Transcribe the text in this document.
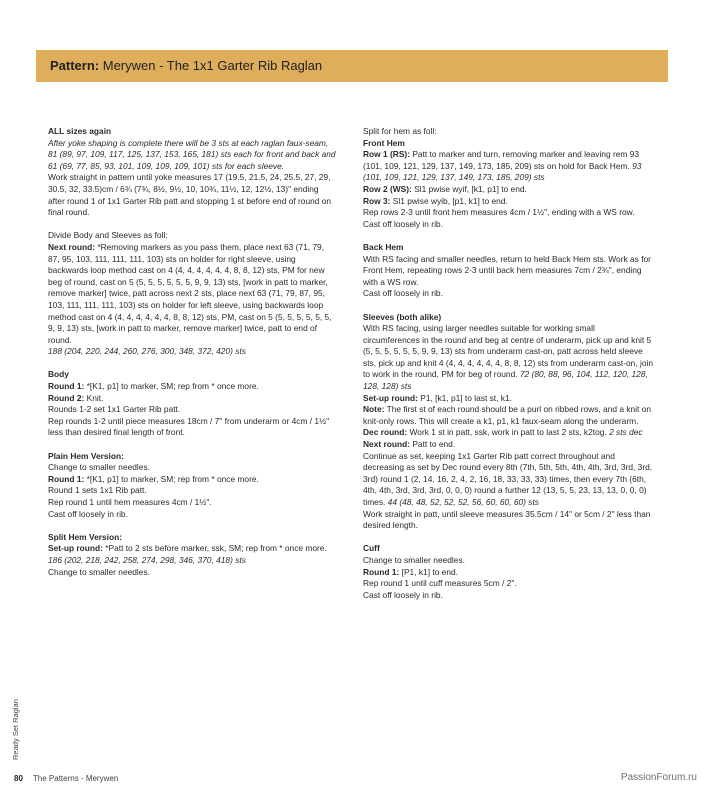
Pattern: Merywen - The 1x1 Garter Rib Raglan

ALL sizes again

After yoke shaping is complete there will be 3 sts at each raglan faux-seam, 81 (89, 97, 109, 117, 125, 137, 153, 165, 181) sts each for front and back and 61 (69, 77, 85, 93, 101, 109, 109, 109, 101) sts for each sleeve.

Work straight in pattern until yoke measures 17 (19.5, 21.5, 24, 25.5, 27, 29, 30.5, 32, 33.5)cm / 6¾ (7¾, 8½, 9½, 10, 10¾, 11½, 12, 12½, 13)" ending after round 1 of 1x1 Garter Rib patt and stopping 1 st before end of round on final round.

Divide Body and Sleeves as foll:

Next round: *Removing markers as you pass them, place next 63 (71, 79, 87, 95, 103, 111, 111, 111, 103) sts on holder for right sleeve, using backwards loop method cast on 4 (4, 4, 4, 4, 4, 4, 8, 8, 12) sts, PM for new beg of round, cast on 5 (5, 5, 5, 5, 5, 5, 9, 9, 13) sts, [work in patt to marker, remove marker] twice, patt across next 2 sts, place next 63 (71, 79, 87, 95, 103, 111, 111, 111, 103) sts on holder for left sleeve, using backwards loop method cast on 4 (4, 4, 4, 4, 4, 4, 8, 8, 12) sts, PM, cast on 5 (5, 5, 5, 5, 5, 5, 9, 9, 13) sts, [work in patt to marker, remove marker] twice, patt to end of round.

188 (204, 220, 244, 260, 276, 300, 348, 372, 420) sts

Body

Round 1: *[K1, p1] to marker, SM; rep from * once more.

Round 2: Knit.

Rounds 1-2 set 1x1 Garter Rib patt.

Rep rounds 1-2 until piece measures 18cm / 7" from underarm or 4cm / 1½" less than desired final length of front.

Plain Hem Version:

Change to smaller needles.

Round 1: *[K1, p1] to marker, SM; rep from * once more.

Round 1 sets 1x1 Rib patt.

Rep round 1 until hem measures 4cm / 1½".

Cast off loosely in rib.

Split Hem Version:

Set-up round: *Patt to 2 sts before marker, ssk, SM; rep from * once more. 186 (202, 218, 242, 258, 274, 298, 346, 370, 418) sts

Change to smaller needles.

Split for hem as foll:

Front Hem

Row 1 (RS): Patt to marker and turn, removing marker and leaving rem 93 (101, 109, 121, 129, 137, 149, 173, 185, 209) sts on hold for Back Hem. 93 (101, 109, 121, 129, 137, 149, 173, 185, 209) sts

Row 2 (WS): Sl1 pwise wyif, [k1, p1] to end.

Row 3: Sl1 pwise wyib, [p1, k1] to end.

Rep rows 2-3 until front hem measures 4cm / 1½", ending with a WS row.

Cast off loosely in rib.

Back Hem

With RS facing and smaller needles, return to held Back Hem sts. Work as for Front Hem, repeating rows 2-3 until back hem measures 7cm / 2¾", ending with a WS row.

Cast off loosely in rib.

Sleeves (both alike)

With RS facing, using larger needles suitable for working small circumferences in the round and beg at centre of underarm, pick up and knit 5 (5, 5, 5, 5, 5, 5, 9, 9, 13) sts from underarm cast-on, patt across held sleeve sts, pick up and knit 4 (4, 4, 4, 4, 4, 4, 8, 8, 12) sts from underarm cast-on, join to work in the round, PM for beg of round. 72 (80, 88, 96, 104, 112, 120, 128, 128, 128) sts

Set-up round: P1, [k1, p1] to last st, k1.

Note: The first st of each round should be a purl on ribbed rows, and a knit on knit-only rows. This will create a k1, p1, k1 faux-seam along the underarm.

Dec round: Work 1 st in patt, ssk, work in patt to last 2 sts, k2tog. 2 sts dec

Next round: Patt to end.

Continue as set, keeping 1x1 Garter Rib patt correct throughout and decreasing as set by Dec round every 8th (7th, 5th, 5th, 4th, 4th, 3rd, 3rd, 3rd, 3rd) round 1 (2, 14, 16, 2, 4, 2, 16, 18, 33, 33, 33) times, then every 7th (6th, 4th, 4th, 3rd, 3rd, 3rd, 0, 0, 0) round a further 12 (13, 5, 5, 23, 13, 13, 0, 0, 0) times. 44 (48, 48, 52, 52, 52, 56, 60, 60, 60) sts

Work straight in patt, until sleeve measures 35.5cm / 14" or 5cm / 2" less than desired length.

Cuff

Change to smaller needles.

Round 1: [P1, k1] to end.

Rep round 1 until cuff measures 5cm / 2".

Cast off loosely in rib.

Ready Set Raglan
80 The Patterns - Merywen	PassionForum.ru
